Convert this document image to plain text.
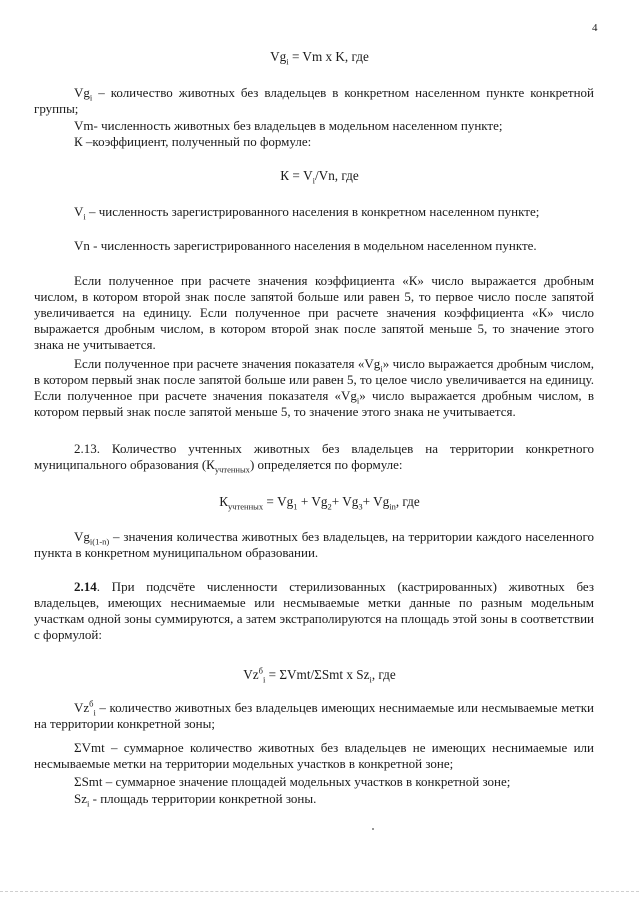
4
$Vg_i = Vm$ x K, где
$Vg_i$ – количество животных без владельцев в конкретном населенном пункте конкретной группы;
Vm- численность животных без владельцев в модельном населенном пункте;
К –коэффициент, полученный по формуле:
$К = V_i/Vn$, где
$V_i$ – численность зарегистрированного населения в конкретном населенном пункте;
Vn - численность зарегистрированного населения в модельном населенном пункте.
Если полученное при расчете значения коэффициента «К» число выражается дробным числом, в котором второй знак после запятой больше или равен 5, то первое число после запятой увеличивается на единицу. Если полученное при расчете значения коэффициента «К» число выражается дробным числом, в котором второй знак после запятой меньше 5, то значение этого знака не учитывается.
Если полученное при расчете значения показателя «$Vg_i$» число выражается дробным числом, в котором первый знак после запятой больше или равен 5, то целое число увеличивается на единицу. Если полученное при расчете значения показателя «$Vg_i$» число выражается дробным числом, в котором первый знак после запятой меньше 5, то значение этого знака не учитывается.
2.13. Количество учтенных животных без владельцев на территории конкретного муниципального образования $(К_{учтенных})$ определяется по формуле:
$К_{учтенных} = Vg_1 + Vg_2+ Vg_3+ Vg_{in}$, где
$Vg_{i(1-n)}$ – значения количества животных без владельцев, на территории каждого населенного пункта в конкретном муниципальном образовании.
2.14. При подсчёте численности стерилизованных (кастрированных) животных без владельцев, имеющих неснимаемые или несмываемые метки данные по разным модельным участкам одной зоны суммируются, а затем экстраполируются на площадь этой зоны в соответствии с формулой:
$Vz^б_i = \Sigma Vmt/\Sigma Smt$ x $Sz_i$, где
$Vz^б_i$ – количество животных без владельцев имеющих неснимаемые или несмываемые метки на территории конкретной зоны;
ΣVmt – суммарное количество животных без владельцев не имеющих неснимаемые или несмываемые метки на территории модельных участков в конкретной зоне;
ΣSmt – суммарное значение площадей модельных участков в конкретной зоне;
$Sz_i$ - площадь территории конкретной зоны.
